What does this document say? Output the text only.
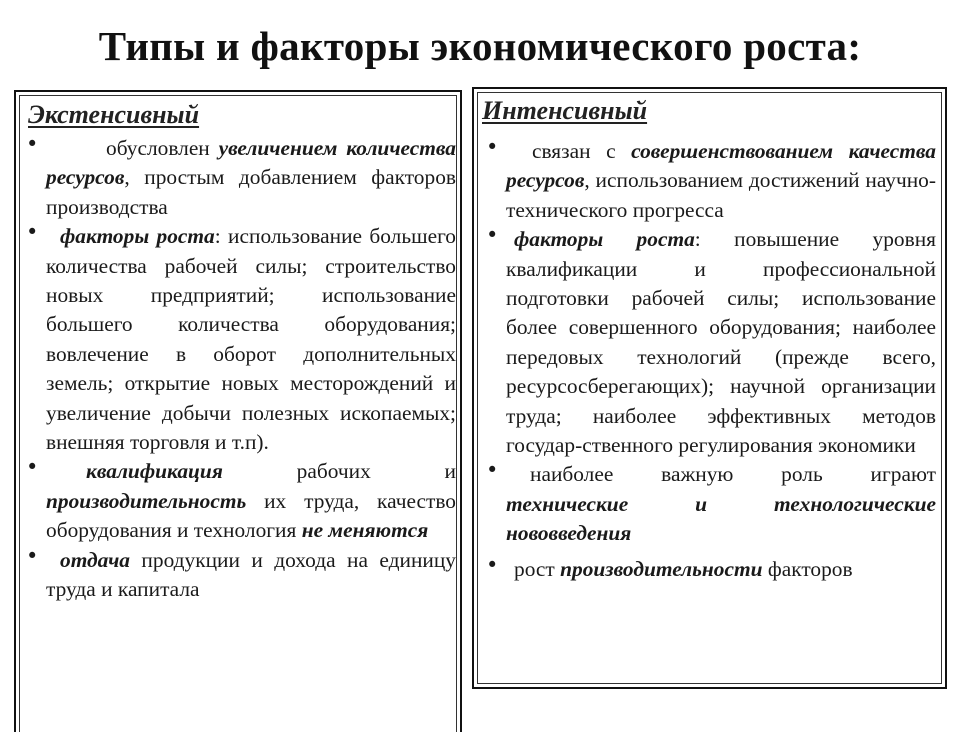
Типы и факторы экономического роста:
Экстенсивный
•	обусловлен увеличением количества ресурсов, простым добавлением факторов производства
•	факторы роста: использование большего количества рабочей силы; строительство новых предприятий; использование большего количества оборудования; вовлечение в оборот дополнительных земель; открытие новых месторождений и увеличение добычи полезных ископаемых; внешняя торговля и т.п).
•	квалификация рабочих и производительность их труда, качество оборудования и технология не меняются
•	отдача продукции и дохода на единицу труда и капитала
Интенсивный
•	связан с совершенствованием качества ресурсов, использованием достижений научно-технического прогресса
• факторы роста: повышение уровня квалификации и профессиональной подготовки рабочей силы; использование более совершенного оборудования; наиболее передовых технологий (прежде всего, ресурсосберегающих); научной организации труда; наиболее эффективных методов государ-ственного регулирования экономики
•	наиболее важную роль играют технические и технологические нововведения
• рост производительности факторов
